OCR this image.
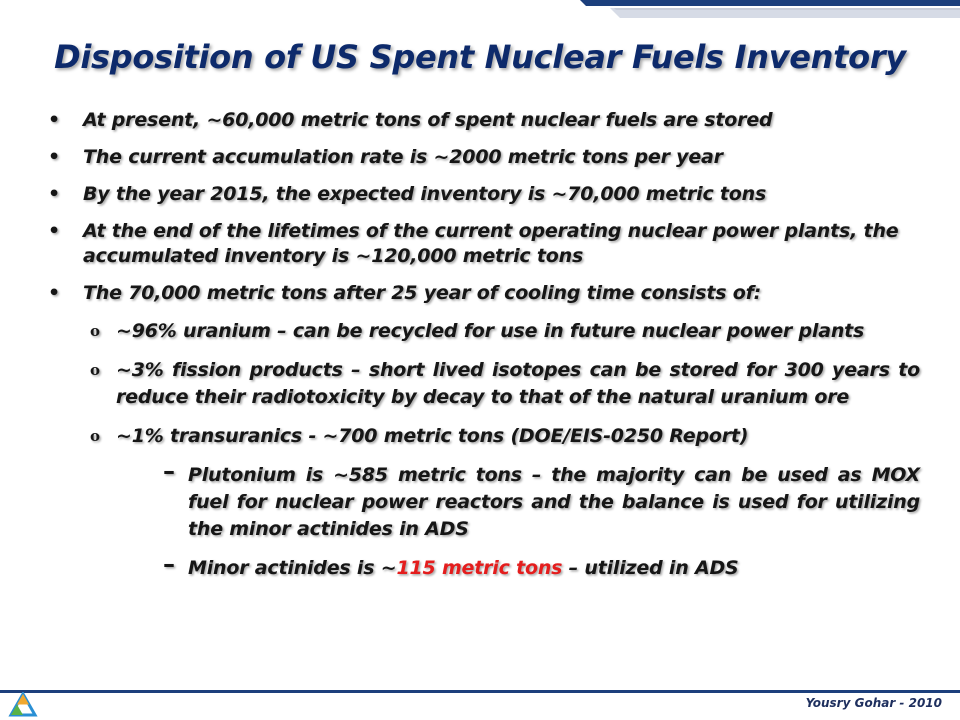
Disposition of US Spent Nuclear Fuels Inventory
• At present, ~60,000 metric tons of spent nuclear fuels are stored
• The current accumulation rate is ~2000 metric tons per year
• By the year 2015, the expected inventory is ~70,000 metric tons
• At the end of the lifetimes of the current operating nuclear power plants, the accumulated inventory is ~120,000 metric tons
• The 70,000 metric tons after 25 year of cooling time consists of:
o ~96% uranium – can be recycled for use in future nuclear power plants
o ~3% fission products – short lived isotopes can be stored for 300 years to reduce their radiotoxicity by decay to that of the natural uranium ore
o ~1% transuranics - ~700 metric tons (DOE/EIS-0250 Report)
– Plutonium is ~585 metric tons – the majority can be used as MOX fuel for nuclear power reactors and the balance is used for utilizing the minor actinides in ADS
– Minor actinides is ~115 metric tons – utilized in ADS
Yousry Gohar - 2010
